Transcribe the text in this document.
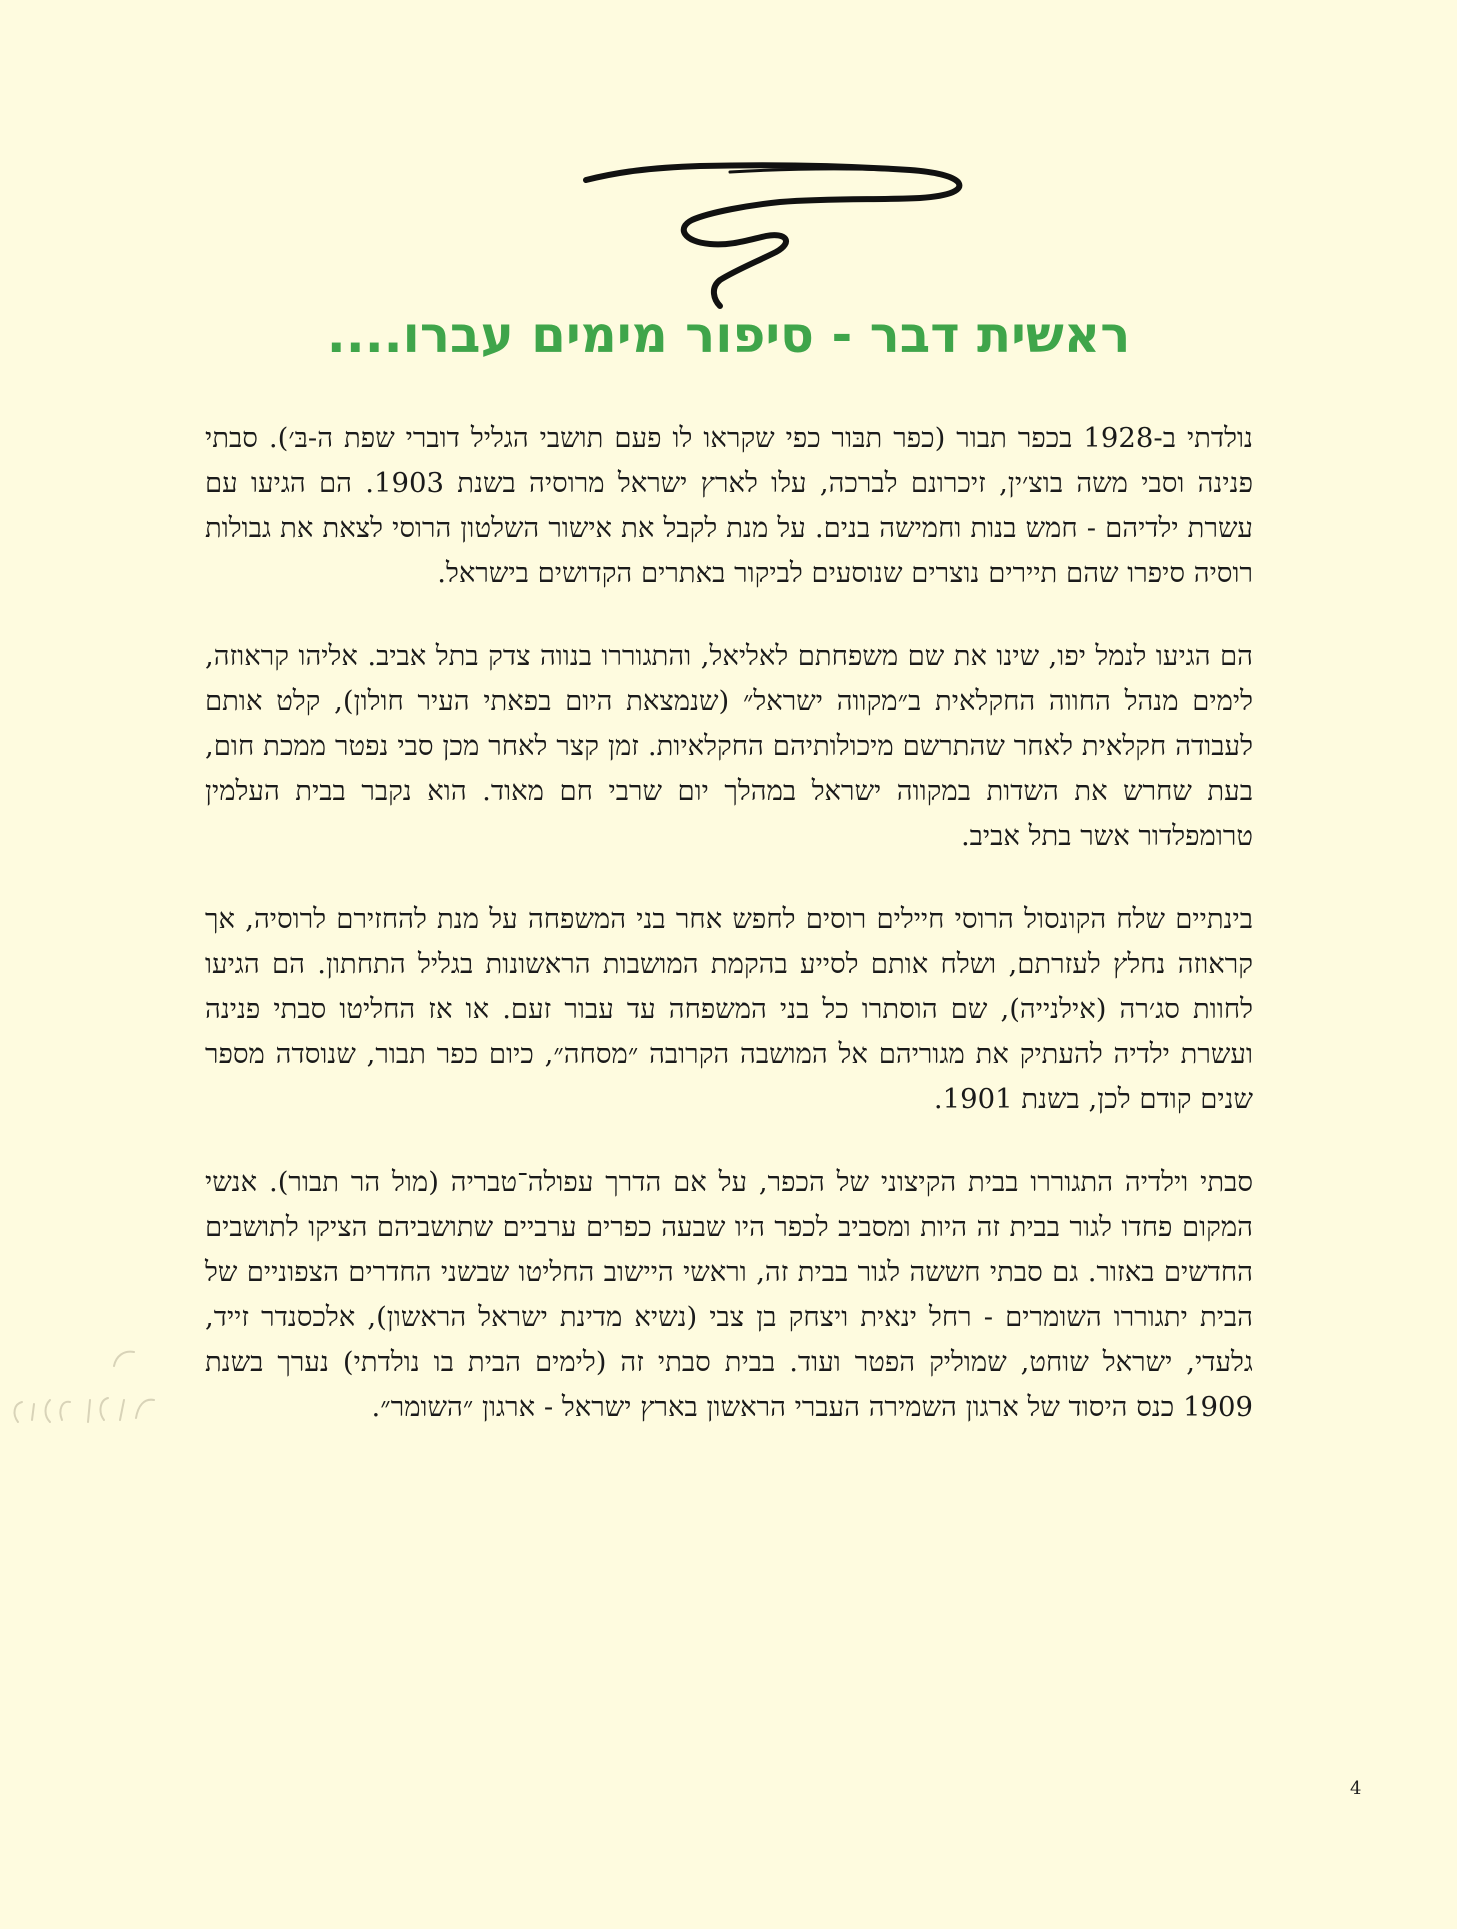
ראשית דבר - סיפור מימים עברו....

נולדתי ב-1928 בכפר תבור (כפר תבּור כפי שקראו לו פעם תושבי הגליל דוברי שפת ה-בּ׳). סבתי פנינה וסבי משה בוצ׳ין, זיכרונם לברכה, עלו לארץ ישראל מרוסיה בשנת 1903. הם הגיעו עם עשרת ילדיהם - חמש בנות וחמישה בנים. על מנת לקבל את אישור השלטון הרוסי לצאת את גבולות רוסיה סיפרו שהם תיירים נוצרים שנוסעים לביקור באתרים הקדושים בישראל.

הם הגיעו לנמל יפו, שינו את שם משפחתם לאליאל, והתגוררו בנווה צדק בתל אביב. אליהו קראוזה, לימים מנהל החווה החקלאית ב״מקווה ישראל״ (שנמצאת היום בפאתי העיר חולון), קלט אותם לעבודה חקלאית לאחר שהתרשם מיכולותיהם החקלאיות. זמן קצר לאחר מכן סבי נפטר ממכת חום, בעת שחרש את השדות במקווה ישראל במהלך יום שרבי חם מאוד. הוא נקבר בבית העלמין טרומפלדור אשר בתל אביב.

בינתיים שלח הקונסול הרוסי חיילים רוסים לחפש אחר בני המשפחה על מנת להחזירם לרוסיה, אך קראוזה נחלץ לעזרתם, ושלח אותם לסייע בהקמת המושבות הראשונות בגליל התחתון. הם הגיעו לחוות סג׳רה (אילנייה), שם הוסתרו כל בני המשפחה עד עבור זעם. או אז החליטו סבתי פנינה ועשרת ילדיה להעתיק את מגוריהם אל המושבה הקרובה ״מסחה״, כיום כפר תבור, שנוסדה מספר שנים קודם לכן, בשנת 1901.

סבתי וילדיה התגוררו בבית הקיצוני של הכפר, על אם הדרך עפולה־טבריה (מול הר תבור). אנשי המקום פחדו לגור בבית זה היות ומסביב לכפר היו שבעה כפרים ערביים שתושביהם הציקו לתושבים החדשים באזור. גם סבתי חששה לגור בבית זה, וראשי היישוב החליטו שבשני החדרים הצפוניים של הבית יתגוררו השומרים - רחל ינאית ויצחק בן צבי (נשיא מדינת ישראל הראשון), אלכסנדר זייד, גלעדי, ישראל שוחט, שמוליק הפטר ועוד. בבית סבתי זה (לימים הבית בו נולדתי) נערך בשנת 1909 כנס היסוד של ארגון השמירה העברי הראשון בארץ ישראל - ארגון ״השומר״.

4
